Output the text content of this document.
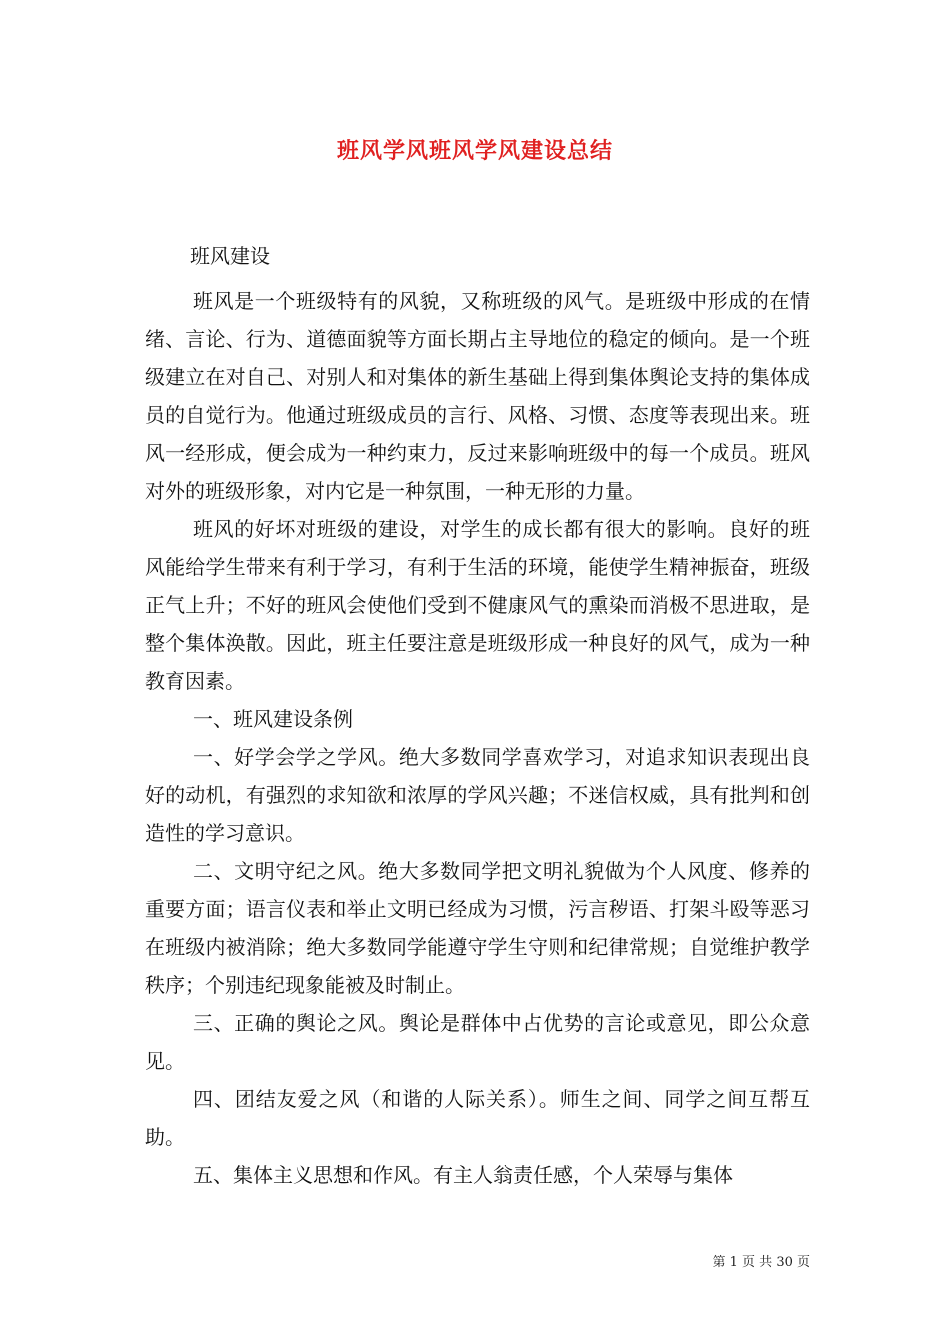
班风学风班风学风建设总结
班风建设

班风是一个班级特有的风貌，又称班级的风气。是班级中形成的在情绪、言论、行为、道德面貌等方面长期占主导地位的稳定的倾向。是一个班级建立在对自己、对别人和对集体的新生基础上得到集体舆论支持的集体成员的自觉行为。他通过班级成员的言行、风格、习惯、态度等表现出来。班风一经形成，便会成为一种约束力，反过来影响班级中的每一个成员。班风对外的班级形象，对内它是一种氛围，一种无形的力量。

班风的好坏对班级的建设，对学生的成长都有很大的影响。良好的班风能给学生带来有利于学习，有利于生活的环境，能使学生精神振奋，班级正气上升；不好的班风会使他们受到不健康风气的熏染而消极不思进取，是整个集体涣散。因此，班主任要注意是班级形成一种良好的风气，成为一种教育因素。

一、班风建设条例

一、好学会学之学风。绝大多数同学喜欢学习，对追求知识表现出良好的动机，有强烈的求知欲和浓厚的学风兴趣；不迷信权威，具有批判和创造性的学习意识。

二、文明守纪之风。绝大多数同学把文明礼貌做为个人风度、修养的重要方面；语言仪表和举止文明已经成为习惯，污言秽语、打架斗殴等恶习在班级内被消除；绝大多数同学能遵守学生守则和纪律常规；自觉维护教学秩序；个别违纪现象能被及时制止。

三、正确的舆论之风。舆论是群体中占优势的言论或意见，即公众意见。

四、团结友爱之风（和谐的人际关系）。师生之间、同学之间互帮互助。

五、集体主义思想和作风。有主人翁责任感，个人荣辱与集体

第 1 页 共 30 页
